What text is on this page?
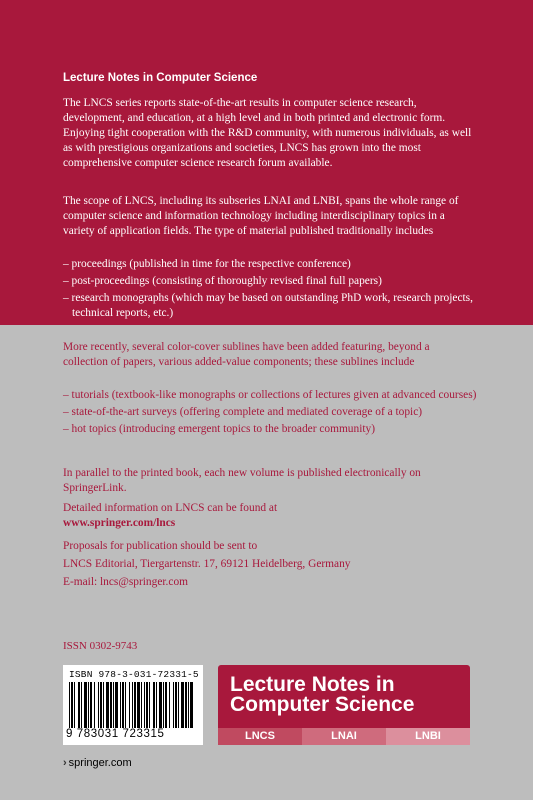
Lecture Notes in Computer Science

The LNCS series reports state-of-the-art results in computer science research, development, and education, at a high level and in both printed and electronic form. Enjoying tight cooperation with the R&D community, with numerous individuals, as well as with prestigious organizations and societies, LNCS has grown into the most comprehensive computer science research forum available.

The scope of LNCS, including its subseries LNAI and LNBI, spans the whole range of computer science and information technology including interdisciplinary topics in a variety of application fields. The type of material published traditionally includes

– proceedings (published in time for the respective conference)
– post-proceedings (consisting of thoroughly revised final full papers)
– research monographs (which may be based on outstanding PhD work, research projects, technical reports, etc.)

More recently, several color-cover sublines have been added featuring, beyond a collection of papers, various added-value components; these sublines include

– tutorials (textbook-like monographs or collections of lectures given at advanced courses)
– state-of-the-art surveys (offering complete and mediated coverage of a topic)
– hot topics (introducing emergent topics to the broader community)

In parallel to the printed book, each new volume is published electronically on SpringerLink.

Detailed information on LNCS can be found at

www.springer.com/lncs

Proposals for publication should be sent to

LNCS Editorial, Tiergartenstr. 17, 69121 Heidelberg, Germany

E-mail: lncs@springer.com

ISSN 0302-9743
ISBN 978-3-031-72331-5
9 783031 723315
Lecture Notes in
Computer Science
LNCS	LNAI	LNBI
› springer.com
